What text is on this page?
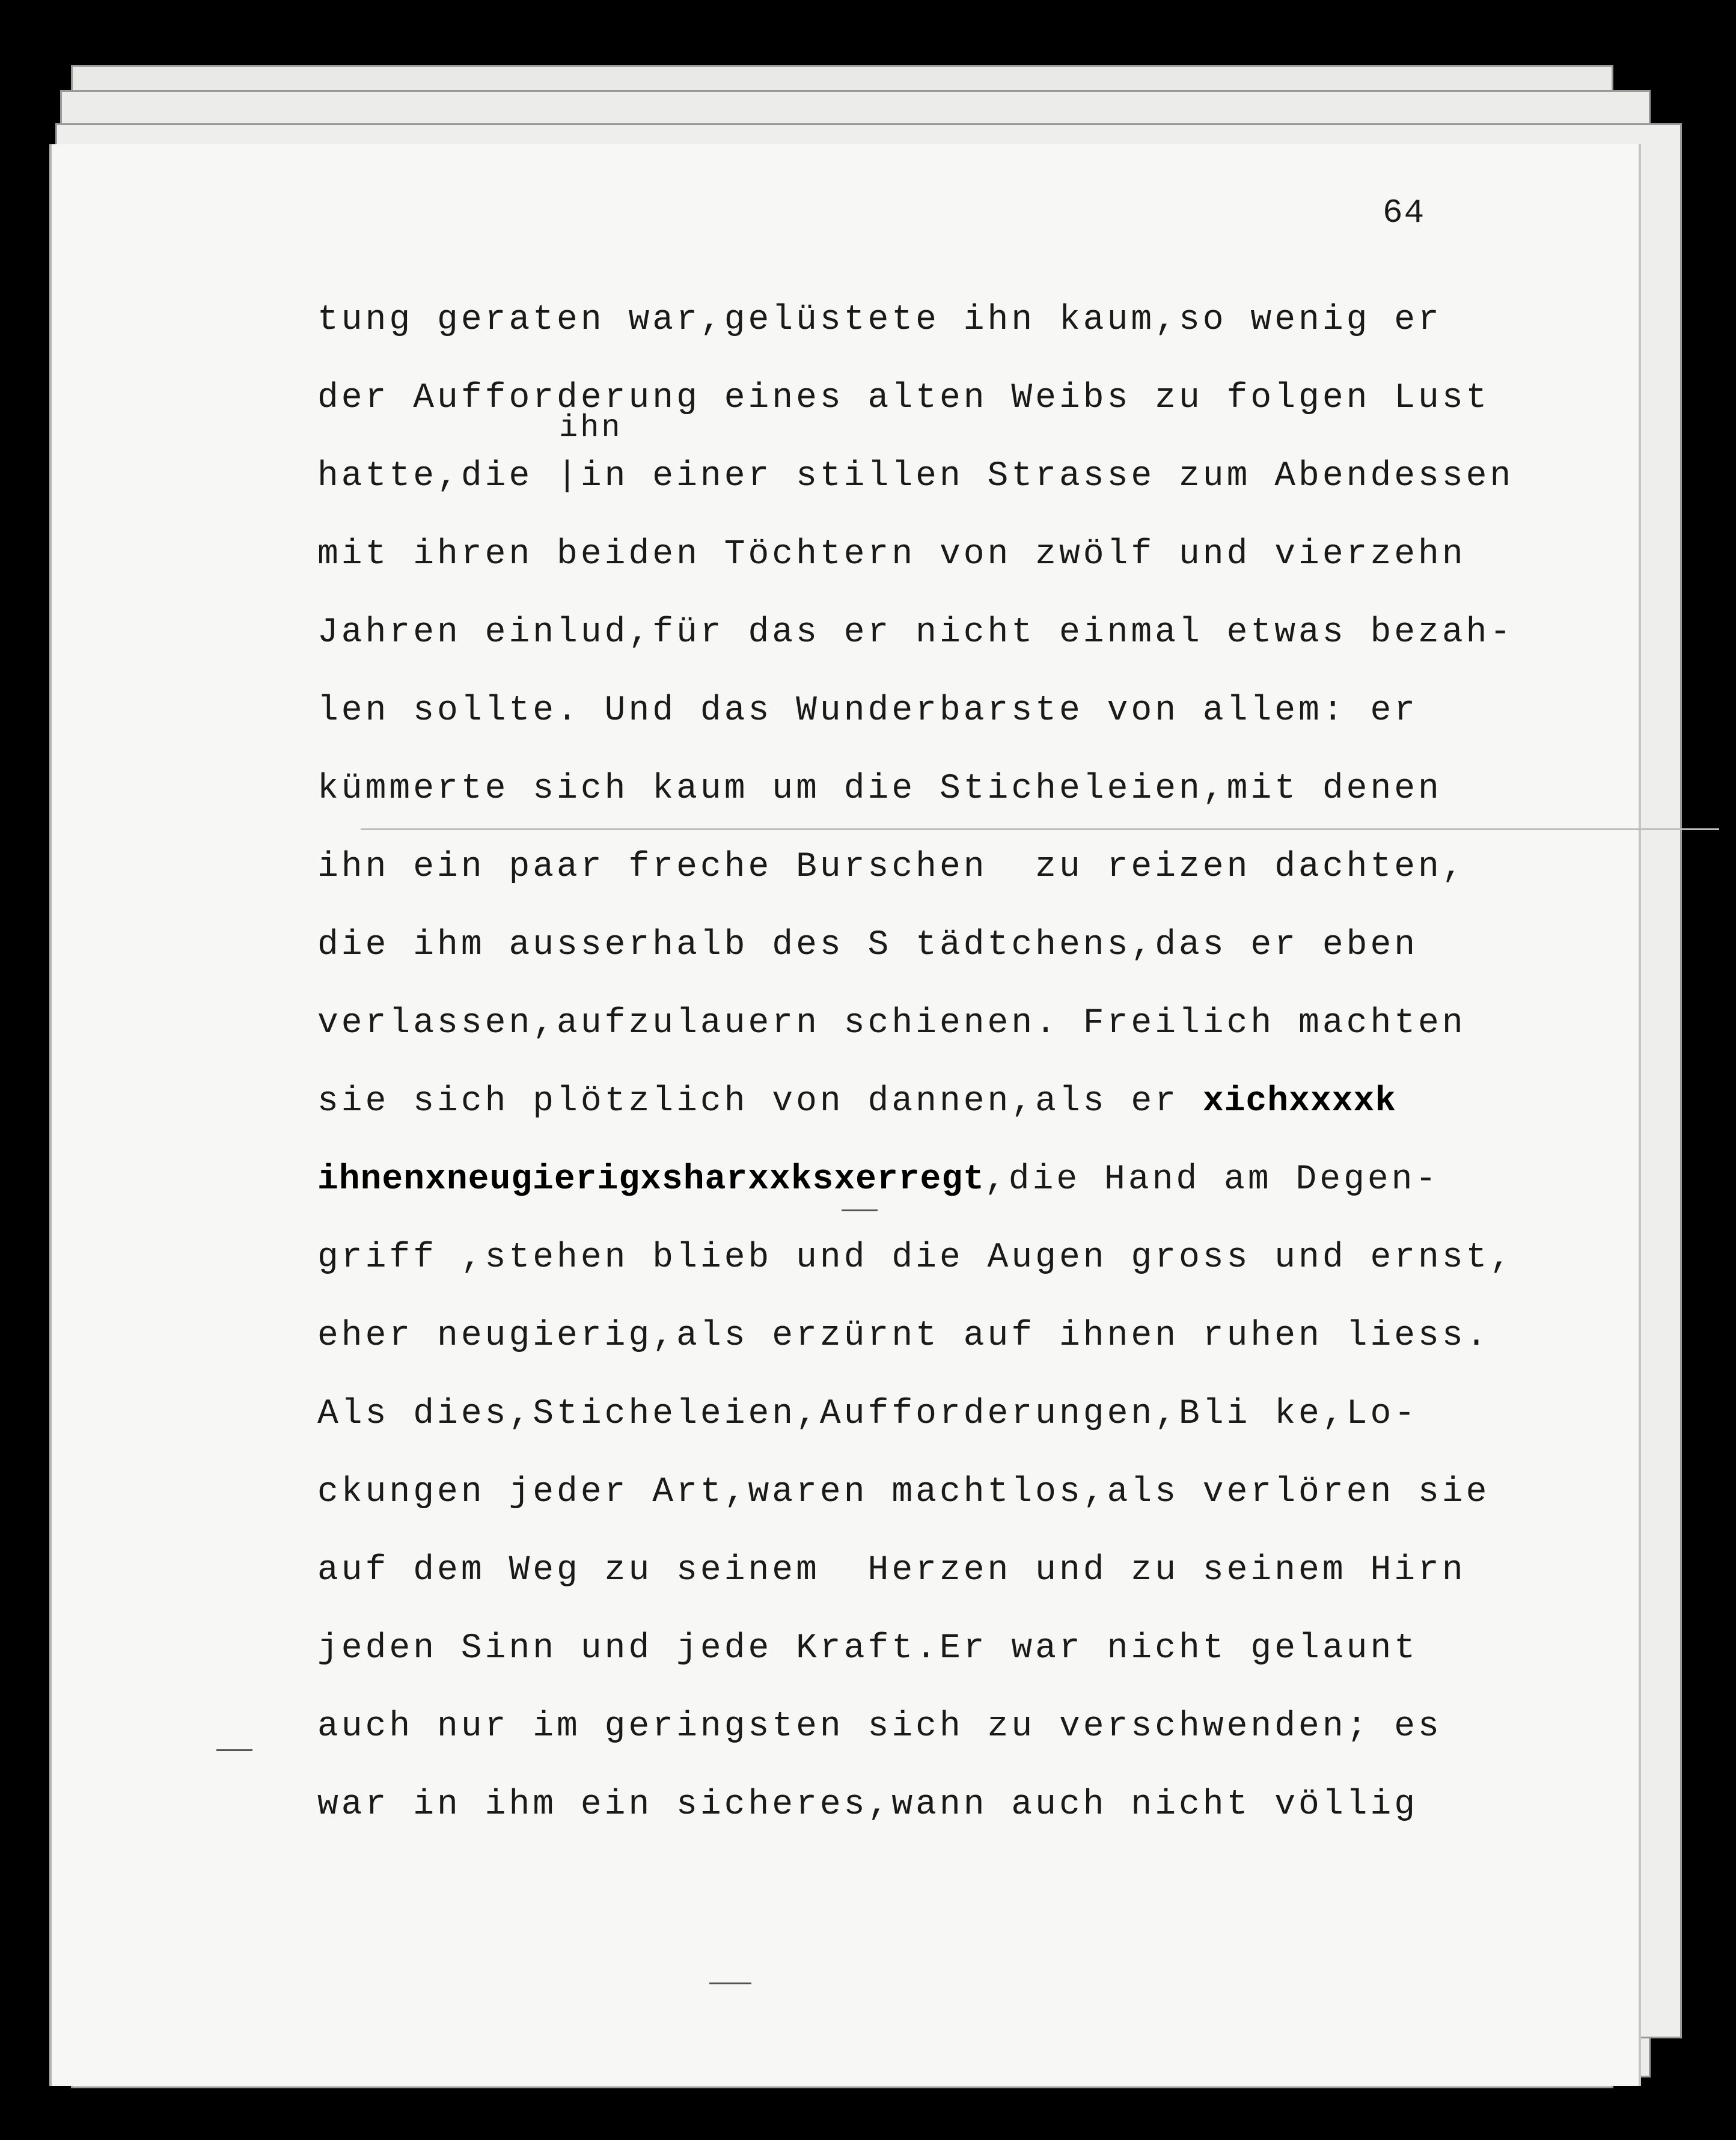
64
ihn
tung geraten war,gelüstete ihn kaum,so wenig er
der Aufforderung eines alten Weibs zu folgen Lust
hatte,die |in einer stillen Strasse zum Abendessen
mit ihren beiden Töchtern von zwölf und vierzehn
Jahren einlud,für das er nicht einmal etwas bezah-
len sollte. Und das Wunderbarste von allem: er
kümmerte sich kaum um die Sticheleien,mit denen
ihn ein paar freche Burschen  zu reizen dachten,
die ihm ausserhalb des S tädtchens,das er eben
verlassen,aufzulauern schienen. Freilich machten
sie sich plötzlich von dannen,als er xichxxxxk
ihnenxneugierigxsharxxksxerregt,die Hand am Degen-
griff ,stehen blieb und die Augen gross und ernst,
eher neugierig,als erzürnt auf ihnen ruhen liess.
Als dies,Sticheleien,Aufforderungen,Bli ke,Lo-
ckungen jeder Art,waren machtlos,als verlören sie
auf dem Weg zu seinem  Herzen und zu seinem Hirn
jeden Sinn und jede Kraft.Er war nicht gelaunt
auch nur im geringsten sich zu verschwenden; es
war in ihm ein sicheres,wann auch nicht völlig
